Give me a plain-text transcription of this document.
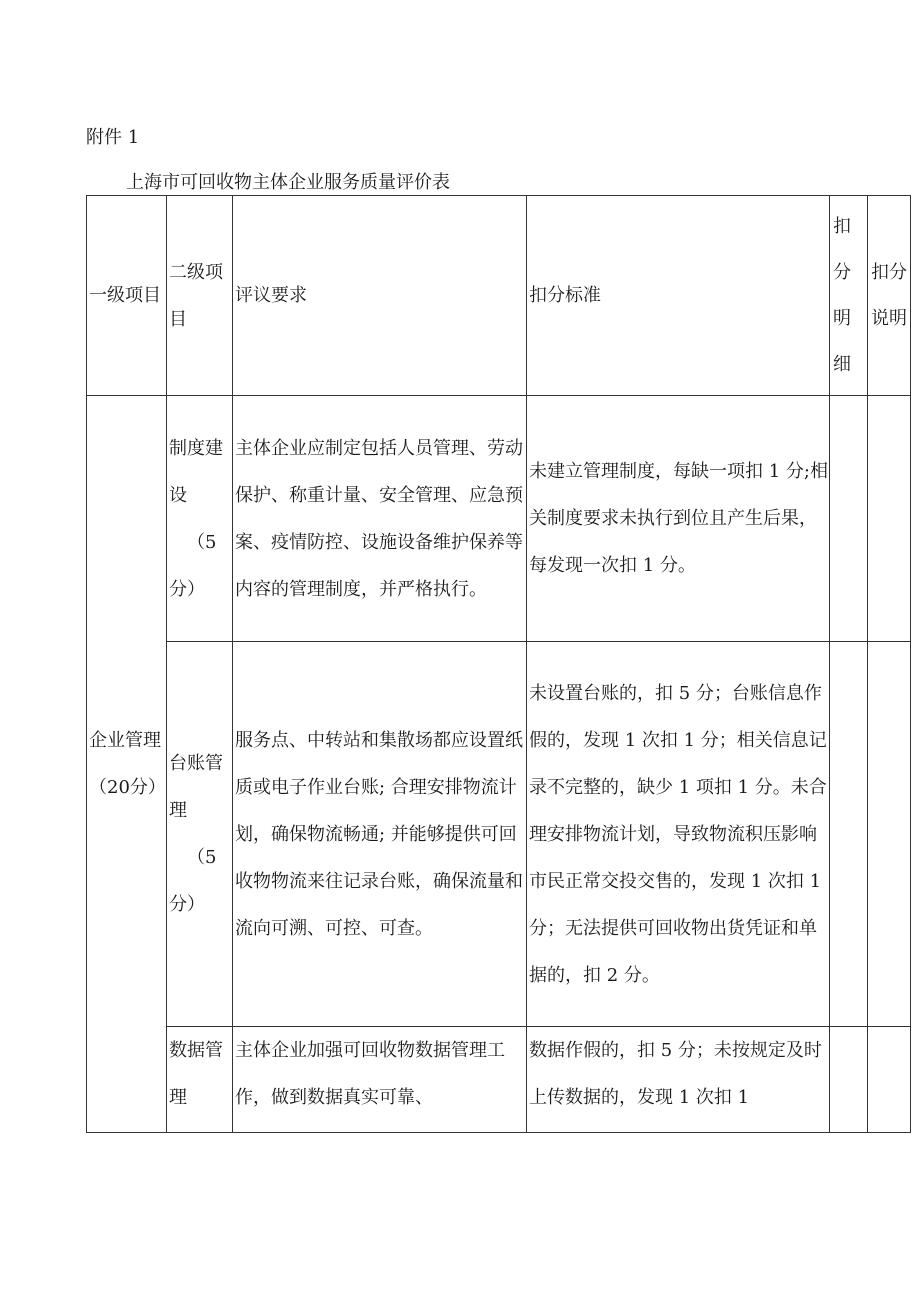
附件 1
上海市可回收物主体企业服务质量评价表
一级项目	二级项目	评议要求	扣分标准	扣分明细	扣分说明
企业管理（20分）	制度建设（5分）	主体企业应制定包括人员管理、劳动保护、称重计量、安全管理、应急预案、疫情防控、设施设备维护保养等内容的管理制度，并严格执行。	未建立管理制度，每缺一项扣 1 分;相关制度要求未执行到位且产生后果，每发现一次扣 1 分。		
	台账管理（5分）	服务点、中转站和集散场都应设置纸质或电子作业台账; 合理安排物流计划，确保物流畅通; 并能够提供可回收物物流来往记录台账，确保流量和流向可溯、可控、可查。	未设置台账的，扣 5 分；台账信息作假的，发现 1 次扣 1 分；相关信息记录不完整的，缺少 1 项扣 1 分。未合理安排物流计划，导致物流积压影响市民正常交投交售的，发现 1 次扣 1 分；无法提供可回收物出货凭证和单据的，扣 2 分。		
	数据管理	主体企业加强可回收物数据管理工作，做到数据真实可靠、	数据作假的，扣 5 分；未按规定及时上传数据的，发现 1 次扣 1		
